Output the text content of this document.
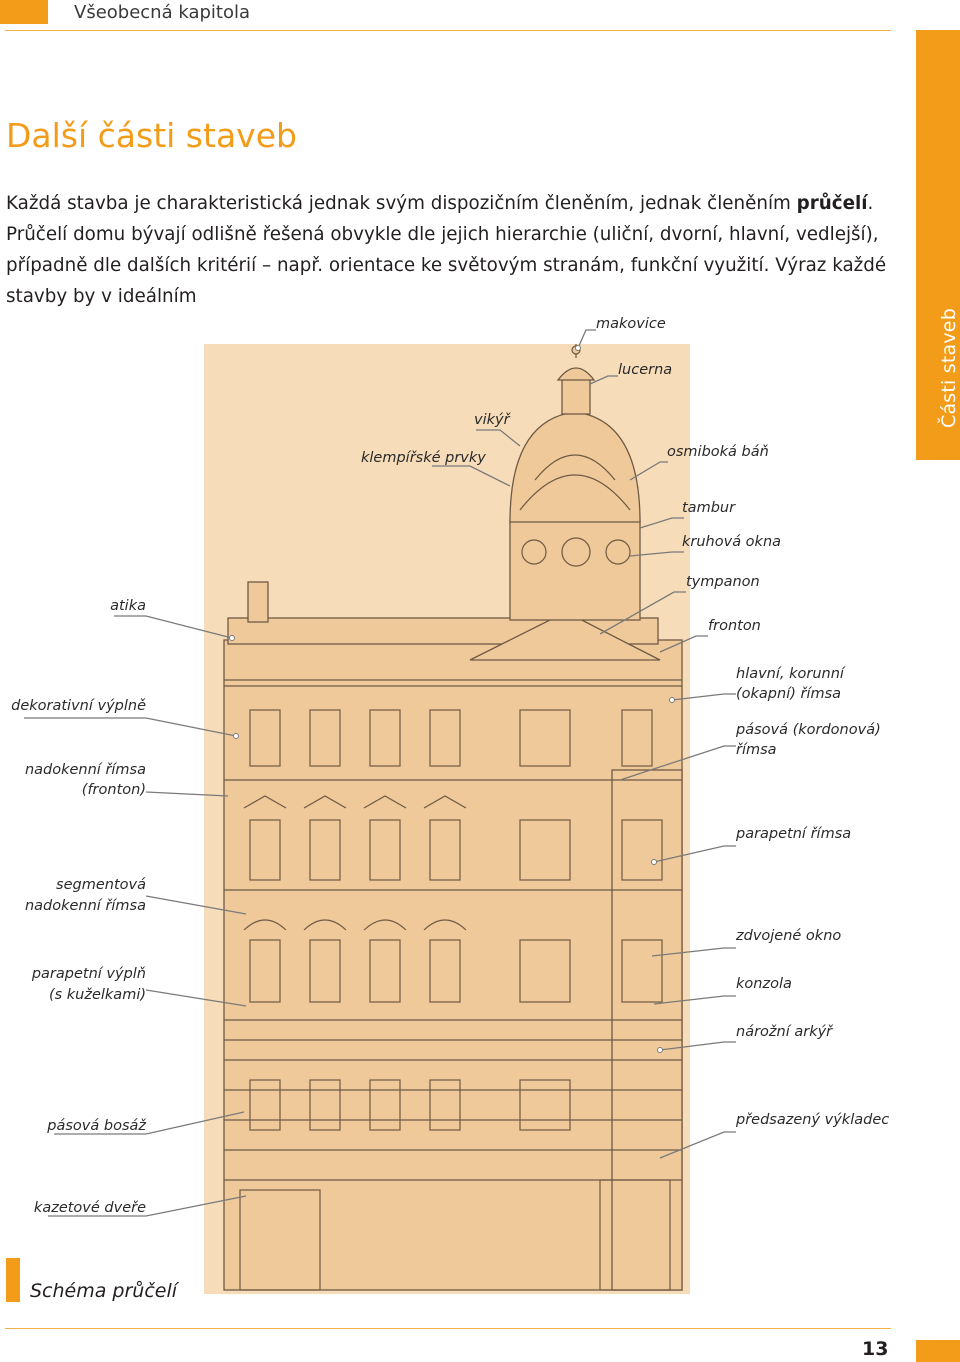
Všeobecná kapitola
Části staveb
Další části staveb

Každá stavba je charakteristická jednak svým dispozičním členěním, jednak členěním průčelí. Průčelí domu bývají odlišně řešená obvykle dle jejich hierarchie (uliční, dvorní, hlavní, vedlejší), případně dle dalších kritérií – např. orientace ke světovým stranám, funkční využití. Výraz každé stavby by v ideálním

makovice
lucerna
vikýř
klempířské prvky	osmiboká báň
tambur
kruhová okna
tympanon
fronton
atika
hlavní, korunní
(okapní) římsa
pásová (kordonová)
římsa
dekorativní výplně
nadokenní římsa
(fronton)
parapetní římsa
segmentová
nadokenní římsa
zdvojené okno
parapetní výplň
(s kuželkami)
konzola
nárožní arkýř
pásová bosáž	předsazený výkladec
kazetové dveře
Schéma průčelí
13
